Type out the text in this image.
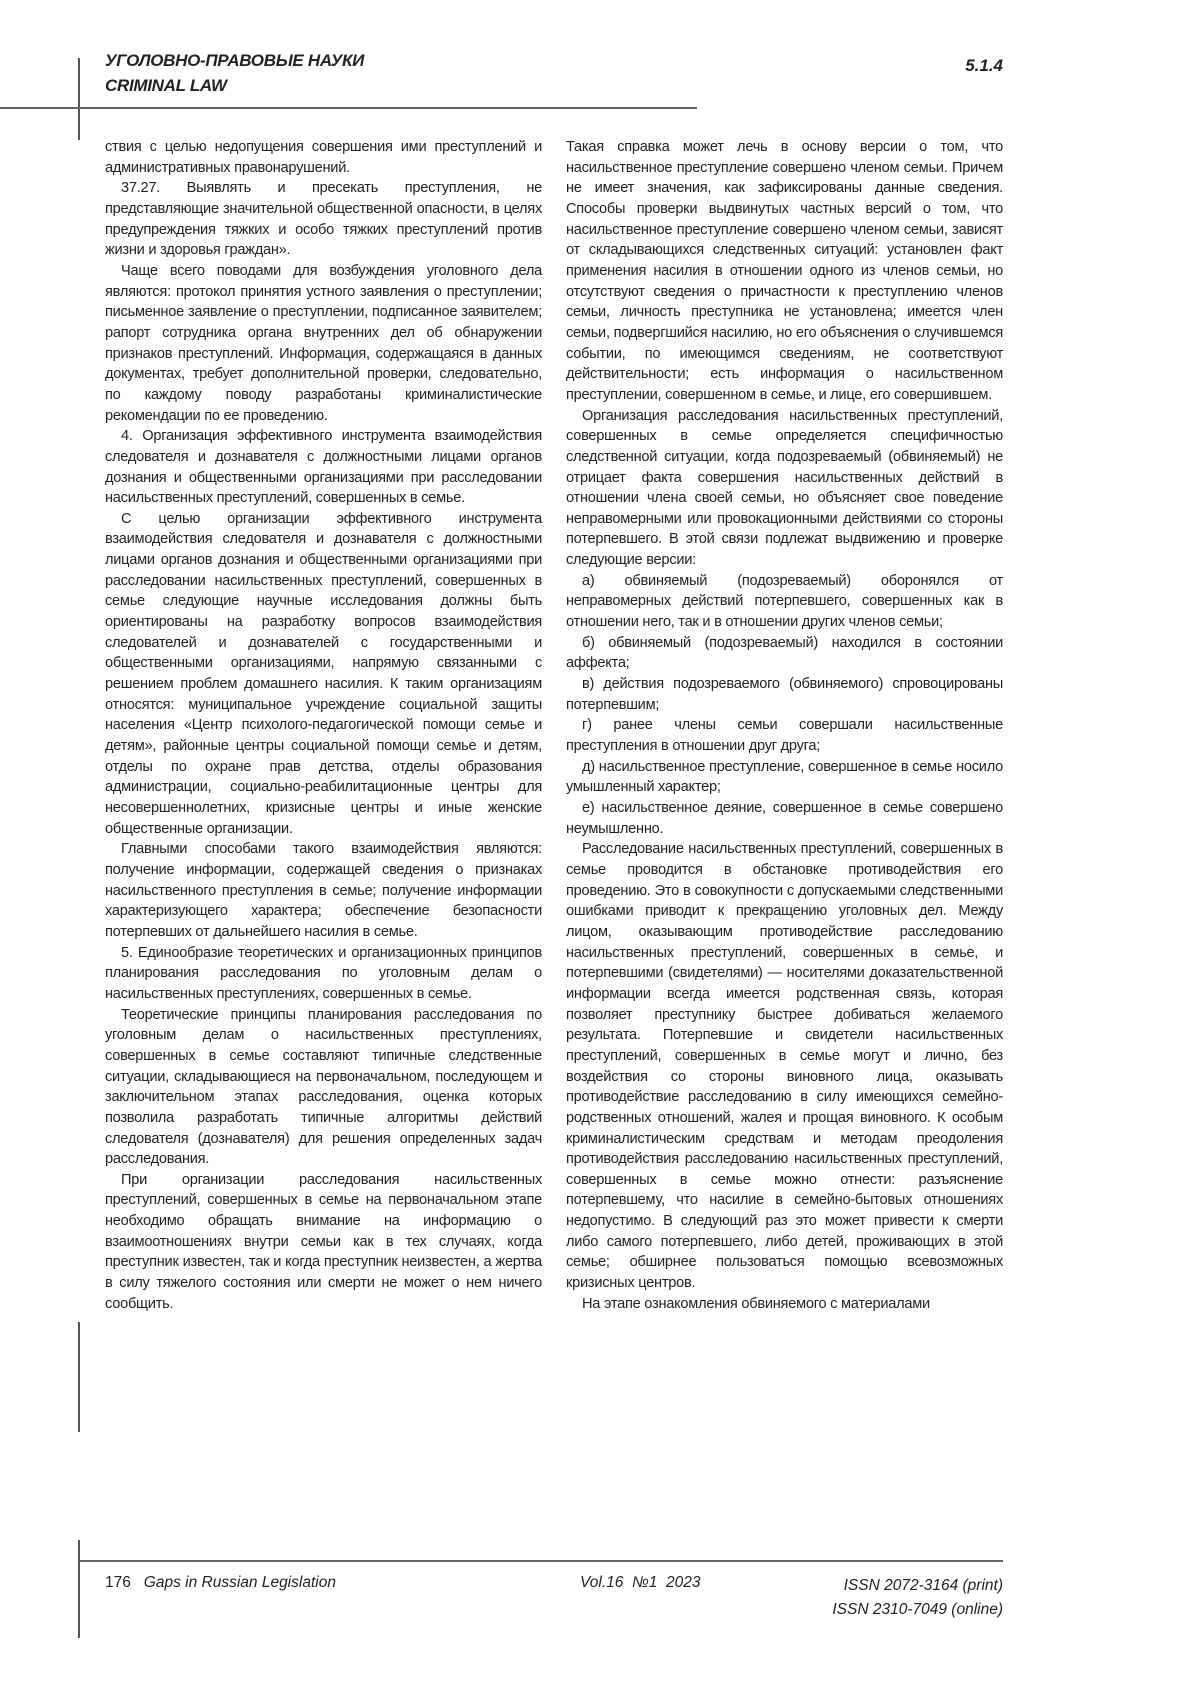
УГОЛОВНО-ПРАВОВЫЕ НАУКИ
CRIMINAL LAW
5.1.4

ствия с целью недопущения совершения ими преступлений и административных правонарушений.

37.27. Выявлять и пресекать преступления, не представляющие значительной общественной опасности, в целях предупреждения тяжких и особо тяжких преступлений против жизни и здоровья граждан».

Чаще всего поводами для возбуждения уголовного дела являются: протокол принятия устного заявления о преступлении; письменное заявление о преступлении, подписанное заявителем; рапорт сотрудника органа внутренних дел об обнаружении признаков преступлений. Информация, содержащаяся в данных документах, требует дополнительной проверки, следовательно, по каждому поводу разработаны криминалистические рекомендации по ее проведению.

4. Организация эффективного инструмента взаимодействия следователя и дознавателя с должностными лицами органов дознания и общественными организациями при расследовании насильственных преступлений, совершенных в семье.

С целью организации эффективного инструмента взаимодействия следователя и дознавателя с должностными лицами органов дознания и общественными организациями при расследовании насильственных преступлений, совершенных в семье следующие научные исследования должны быть ориентированы на разработку вопросов взаимодействия следователей и дознавателей с государственными и общественными организациями, напрямую связанными с решением проблем домашнего насилия. К таким организациям относятся: муниципальное учреждение социальной защиты населения «Центр психолого-педагогической помощи семье и детям», районные центры социальной помощи семье и детям, отделы по охране прав детства, отделы образования администрации, социально-реабилитационные центры для несовершеннолетних, кризисные центры и иные женские общественные организации.

Главными способами такого взаимодействия являются: получение информации, содержащей сведения о признаках насильственного преступления в семье; получение информации характеризующего характера; обеспечение безопасности потерпевших от дальнейшего насилия в семье.

5. Единообразие теоретических и организационных принципов планирования расследования по уголовным делам о насильственных преступлениях, совершенных в семье.

Теоретические принципы планирования расследования по уголовным делам о насильственных преступлениях, совершенных в семье составляют типичные следственные ситуации, складывающиеся на первоначальном, последующем и заключительном этапах расследования, оценка которых позволила разработать типичные алгоритмы действий следователя (дознавателя) для решения определенных задач расследования.

При организации расследования насильственных преступлений, совершенных в семье на первоначальном этапе необходимо обращать внимание на информацию о взаимоотношениях внутри семьи как в тех случаях, когда преступник известен, так и когда преступник неизвестен, а жертва в силу тяжелого состояния или смерти не может о нем ничего сообщить.

Такая справка может лечь в основу версии о том, что насильственное преступление совершено членом семьи. Причем не имеет значения, как зафиксированы данные сведения. Способы проверки выдвинутых частных версий о том, что насильственное преступление совершено членом семьи, зависят от складывающихся следственных ситуаций: установлен факт применения насилия в отношении одного из членов семьи, но отсутствуют сведения о причастности к преступлению членов семьи, личность преступника не установлена; имеется член семьи, подвергшийся насилию, но его объяснения о случившемся событии, по имеющимся сведениям, не соответствуют действительности; есть информация о насильственном преступлении, совершенном в семье, и лице, его совершившем.

Организация расследования насильственных преступлений, совершенных в семье определяется специфичностью следственной ситуации, когда подозреваемый (обвиняемый) не отрицает факта совершения насильственных действий в отношении члена своей семьи, но объясняет свое поведение неправомерными или провокационными действиями со стороны потерпевшего. В этой связи подлежат выдвижению и проверке следующие версии:

а) обвиняемый (подозреваемый) оборонялся от неправомерных действий потерпевшего, совершенных как в отношении него, так и в отношении других членов семьи;

б) обвиняемый (подозреваемый) находился в состоянии аффекта;

в) действия подозреваемого (обвиняемого) спровоцированы потерпевшим;

г) ранее члены семьи совершали насильственные преступления в отношении друг друга;

д) насильственное преступление, совершенное в семье носило умышленный характер;

е) насильственное деяние, совершенное в семье совершено неумышленно.

Расследование насильственных преступлений, совершенных в семье проводится в обстановке противодействия его проведению. Это в совокупности с допускаемыми следственными ошибками приводит к прекращению уголовных дел. Между лицом, оказывающим противодействие расследованию насильственных преступлений, совершенных в семье, и потерпевшими (свидетелями) — носителями доказательственной информации всегда имеется родственная связь, которая позволяет преступнику быстрее добиваться желаемого результата. Потерпевшие и свидетели насильственных преступлений, совершенных в семье могут и лично, без воздействия со стороны виновного лица, оказывать противодействие расследованию в силу имеющихся семейно-родственных отношений, жалея и прощая виновного. К особым криминалистическим средствам и методам преодоления противодействия расследованию насильственных преступлений, совершенных в семье можно отнести: разъяснение потерпевшему, что насилие в семейно-бытовых отношениях недопустимо. В следующий раз это может привести к смерти либо самого потерпевшего, либо детей, проживающих в этой семье; обширнее пользоваться помощью всевозможных кризисных центров.

На этапе ознакомления обвиняемого с материалами

176 Gaps in Russian Legislation	Vol.16  №1  2023	ISSN 2072-3164 (print)
ISSN 2310-7049 (online)
